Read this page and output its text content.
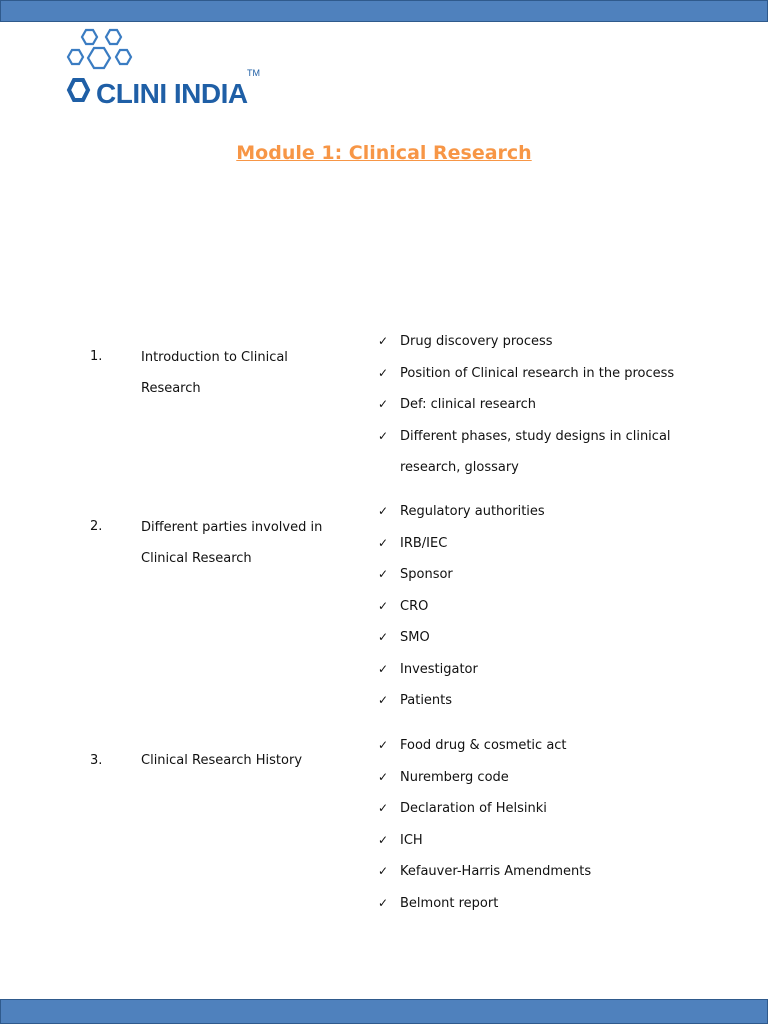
CLINI INDIA
TM
Module 1: Clinical Research
1.	Introduction to Clinical Research
✓ Drug discovery process
✓ Position of Clinical research in the process
✓ Def: clinical research
✓ Different phases, study designs in clinical research, glossary
2.	Different parties involved in Clinical Research
✓ Regulatory authorities
✓ IRB/IEC
✓ Sponsor
✓ CRO
✓ SMO
✓ Investigator
✓ Patients
3.	Clinical Research History
✓ Food drug & cosmetic act
✓ Nuremberg code
✓ Declaration of Helsinki
✓ ICH
✓ Kefauver-Harris Amendments
✓ Belmont report
